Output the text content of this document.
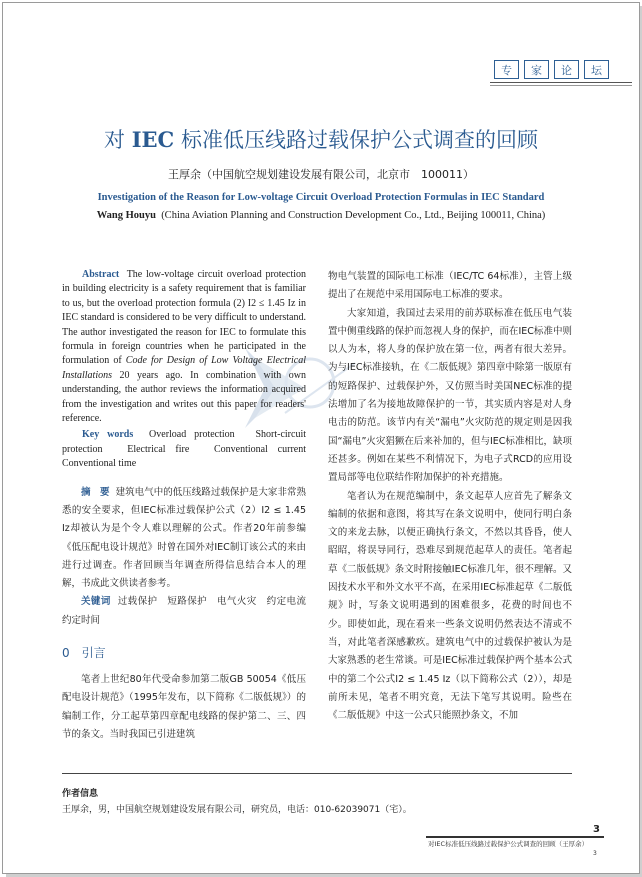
专	家	论	坛
对 IEC 标准低压线路过载保护公式调查的回顾
王厚余（中国航空规划建设发展有限公司，北京市　100011）
Investigation of the Reason for Low-voltage Circuit Overload Protection Formulas in IEC Standard
Wang Houyu (China Aviation Planning and Construction Development Co., Ltd., Beijing 100011, China)
Abstract The low-voltage circuit overload protection in building electricity is a safety requirement that is familiar to us, but the overload protection formula (2) I2 ≤ 1.45 Iz in IEC standard is considered to be very difficult to understand. The author investigated the reason for IEC to formulate this formula in foreign countries when he participated in the formulation of Code for Design of Low Voltage Electrical Installations 20 years ago. In combination with own understanding, the author reviews the information acquired from the investigation and writes out this paper for readers' reference.
Key words Overload protection　Short-circuit protection　Electrical fire　Conventional current　Conventional time

摘　要 建筑电气中的低压线路过载保护是大家非常熟悉的安全要求，但IEC标准过载保护公式（2）I2 ≤ 1.45 Iz却被认为是个令人难以理解的公式。作者20年前参编《低压配电设计规范》时曾在国外对IEC制订该公式的来由进行过调查。作者回顾当年调查所得信息结合本人的理解，书成此文供读者参考。

关键词 过载保护　短路保护　电气火灾　约定电流　约定时间

0　引言

笔者上世纪80年代受命参加第二版GB 50054《低压配电设计规范》（1995年发布，以下简称《二版低规》）的编制工作，分工起草第四章配电线路的保护第二、三、四节的条文。当时我国已引进建筑

物电气装置的国际电工标准（IEC/TC 64标准），主管上级提出了在规范中采用国际电工标准的要求。

大家知道，我国过去采用的前苏联标准在低压电气装置中侧重线路的保护而忽视人身的保护，而在IEC标准中则以人为本，将人身的保护放在第一位，两者有很大差异。为与IEC标准接轨，在《二版低规》第四章中除第一版原有的短路保护、过载保护外，又仿照当时美国NEC标准的提法增加了名为接地故障保护的一节，其实质内容是对人身电击的防范。该节内有关“漏电”火灾防范的规定则是因我国“漏电”火灾猖獗在后来补加的，但与IEC标准相比，缺项还甚多。例如在某些不利情况下，为电子式RCD的应用设置局部等电位联结作附加保护的补充措施。

笔者认为在规范编制中，条文起草人应首先了解条文编制的依据和意图，将其写在条文说明中，使同行明白条文的来龙去脉，以便正确执行条文，不然以其昏昏，使人昭昭，将误导同行，恐难尽到规范起草人的责任。笔者起草《二版低规》条文时附接触IEC标准几年，很不理解。又因技术水平和外文水平不高，在采用IEC标准起草《二版低规》时，写条文说明遇到的困难很多，花费的时间也不少。即使如此，现在看来一些条文说明仍然表达不清或不当，对此笔者深感歉疚。建筑电气中的过载保护被认为是大家熟悉的老生常谈。可是IEC标准过载保护两个基本公式中的第二个公式I2 ≤ 1.45 Iz（以下简称公式（2）），却是前所未见，笔者不明究竟，无法下笔写其说明。险些在《二版低规》中这一公式只能照抄条文，不加

作者信息
王厚余，男，中国航空规划建设发展有限公司，研究员，电话：010-62039071（宅）。
3
对IEC标准低压线路过载保护公式调查的回顾（王厚余）
3
